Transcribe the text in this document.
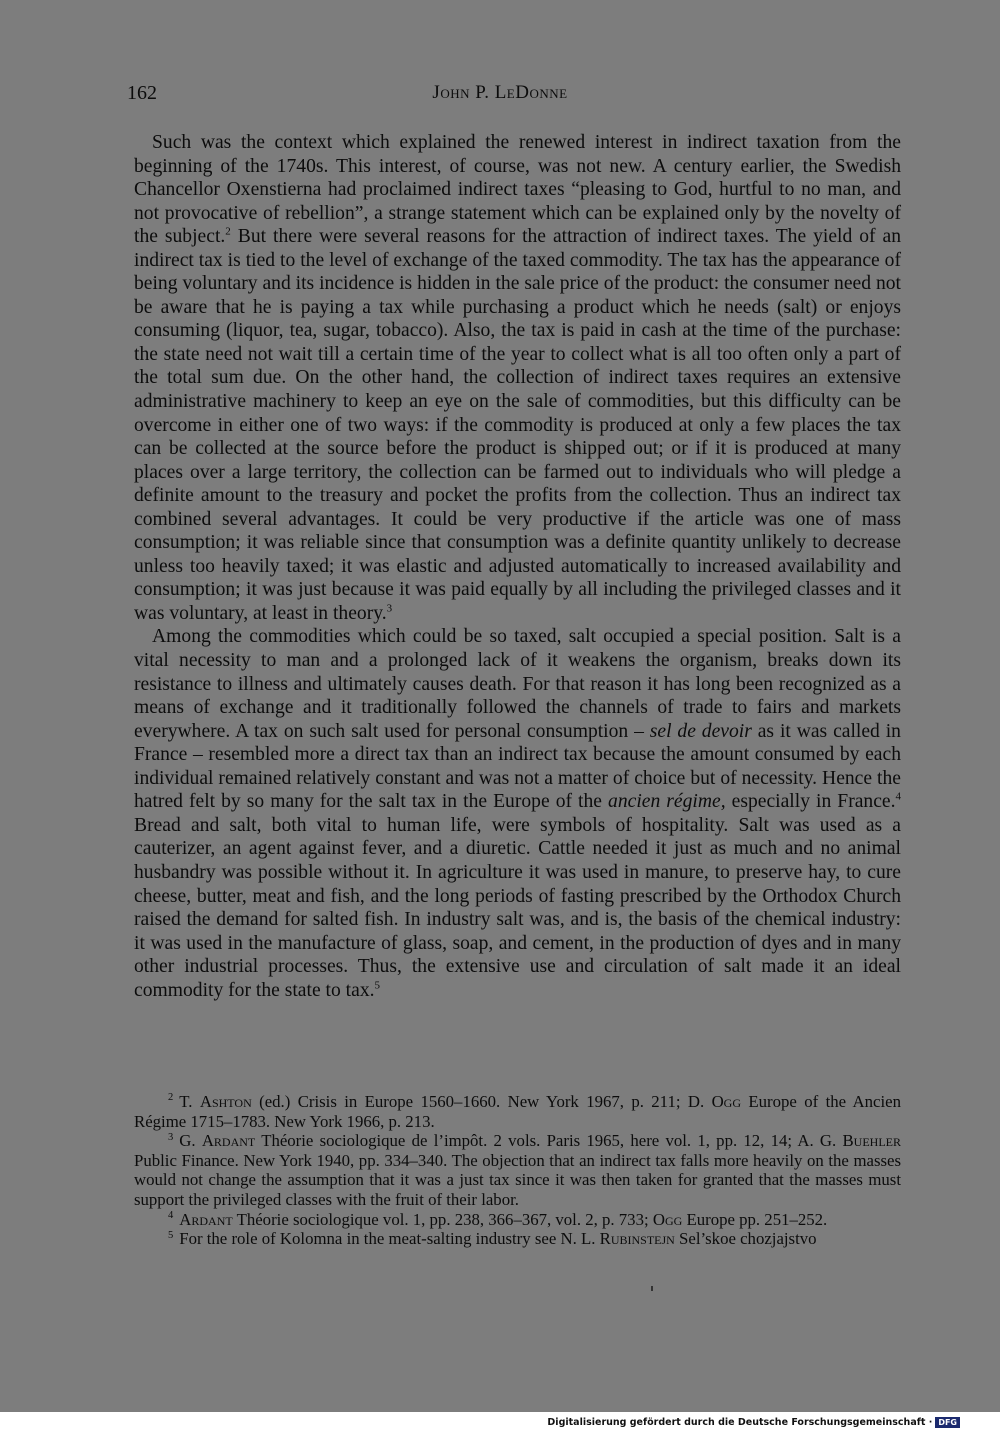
162	John P. LeDonne

Such was the context which explained the renewed interest in indirect taxation from the beginning of the 1740s. This interest, of course, was not new. A century earlier, the Swedish Chancellor Oxenstierna had proclaimed indirect taxes “pleasing to God, hurtful to no man, and not provocative of rebellion”, a strange statement which can be explained only by the novelty of the subject.$^2$ But there were several reasons for the attraction of indirect taxes. The yield of an indirect tax is tied to the level of exchange of the taxed commodity. The tax has the appearance of being voluntary and its incidence is hidden in the sale price of the product: the consumer need not be aware that he is paying a tax while purchasing a product which he needs (salt) or enjoys consuming (liquor, tea, sugar, tobacco). Also, the tax is paid in cash at the time of the purchase: the state need not wait till a certain time of the year to collect what is all too often only a part of the total sum due. On the other hand, the collection of indirect taxes requires an extensive administrative machinery to keep an eye on the sale of commodities, but this difficulty can be overcome in either one of two ways: if the commodity is produced at only a few places the tax can be collected at the source before the product is shipped out; or if it is produced at many places over a large territory, the collection can be farmed out to individuals who will pledge a definite amount to the treasury and pocket the profits from the collection. Thus an indirect tax combined several advantages. It could be very productive if the article was one of mass consumption; it was reliable since that consumption was a definite quantity unlikely to decrease unless too heavily taxed; it was elastic and adjusted automatically to increased availability and consumption; it was just because it was paid equally by all including the privileged classes and it was voluntary, at least in theory.$^3$

Among the commodities which could be so taxed, salt occupied a special position. Salt is a vital necessity to man and a prolonged lack of it weakens the organism, breaks down its resistance to illness and ultimately causes death. For that reason it has long been recognized as a means of exchange and it traditionally followed the channels of trade to fairs and markets everywhere. A tax on such salt used for personal consumption – sel de devoir as it was called in France – resembled more a direct tax than an indirect tax because the amount consumed by each individual remained relatively constant and was not a matter of choice but of necessity. Hence the hatred felt by so many for the salt tax in the Europe of the ancien régime, especially in France.$^4$ Bread and salt, both vital to human life, were symbols of hospitality. Salt was used as a cauterizer, an agent against fever, and a diuretic. Cattle needed it just as much and no animal husbandry was possible without it. In agriculture it was used in manure, to preserve hay, to cure cheese, butter, meat and fish, and the long periods of fasting prescribed by the Orthodox Church raised the demand for salted fish. In industry salt was, and is, the basis of the chemical industry: it was used in the manufacture of glass, soap, and cement, in the production of dyes and in many other industrial processes. Thus, the extensive use and circulation of salt made it an ideal commodity for the state to tax.$^5$

$^2$ T. Ashton (ed.) Crisis in Europe 1560–1660. New York 1967, p. 211; D. Ogg Europe of the Ancien Régime 1715–1783. New York 1966, p. 213.

$^3$ G. Ardant Théorie sociologique de l’impôt. 2 vols. Paris 1965, here vol. 1, pp. 12, 14; A. G. Buehler Public Finance. New York 1940, pp. 334–340. The objection that an indirect tax falls more heavily on the masses would not change the assumption that it was a just tax since it was then taken for granted that the masses must support the privileged classes with the fruit of their labor.

$^4$ Ardant Théorie sociologique vol. 1, pp. 238, 366–367, vol. 2, p. 733; Ogg Europe pp. 251–252.

$^5$ For the role of Kolomna in the meat-salting industry see N. L. Rubinstejn Sel’skoe chozjajstvo

Digitalisierung gefördert durch die Deutsche Forschungsgemeinschaft · DFG
